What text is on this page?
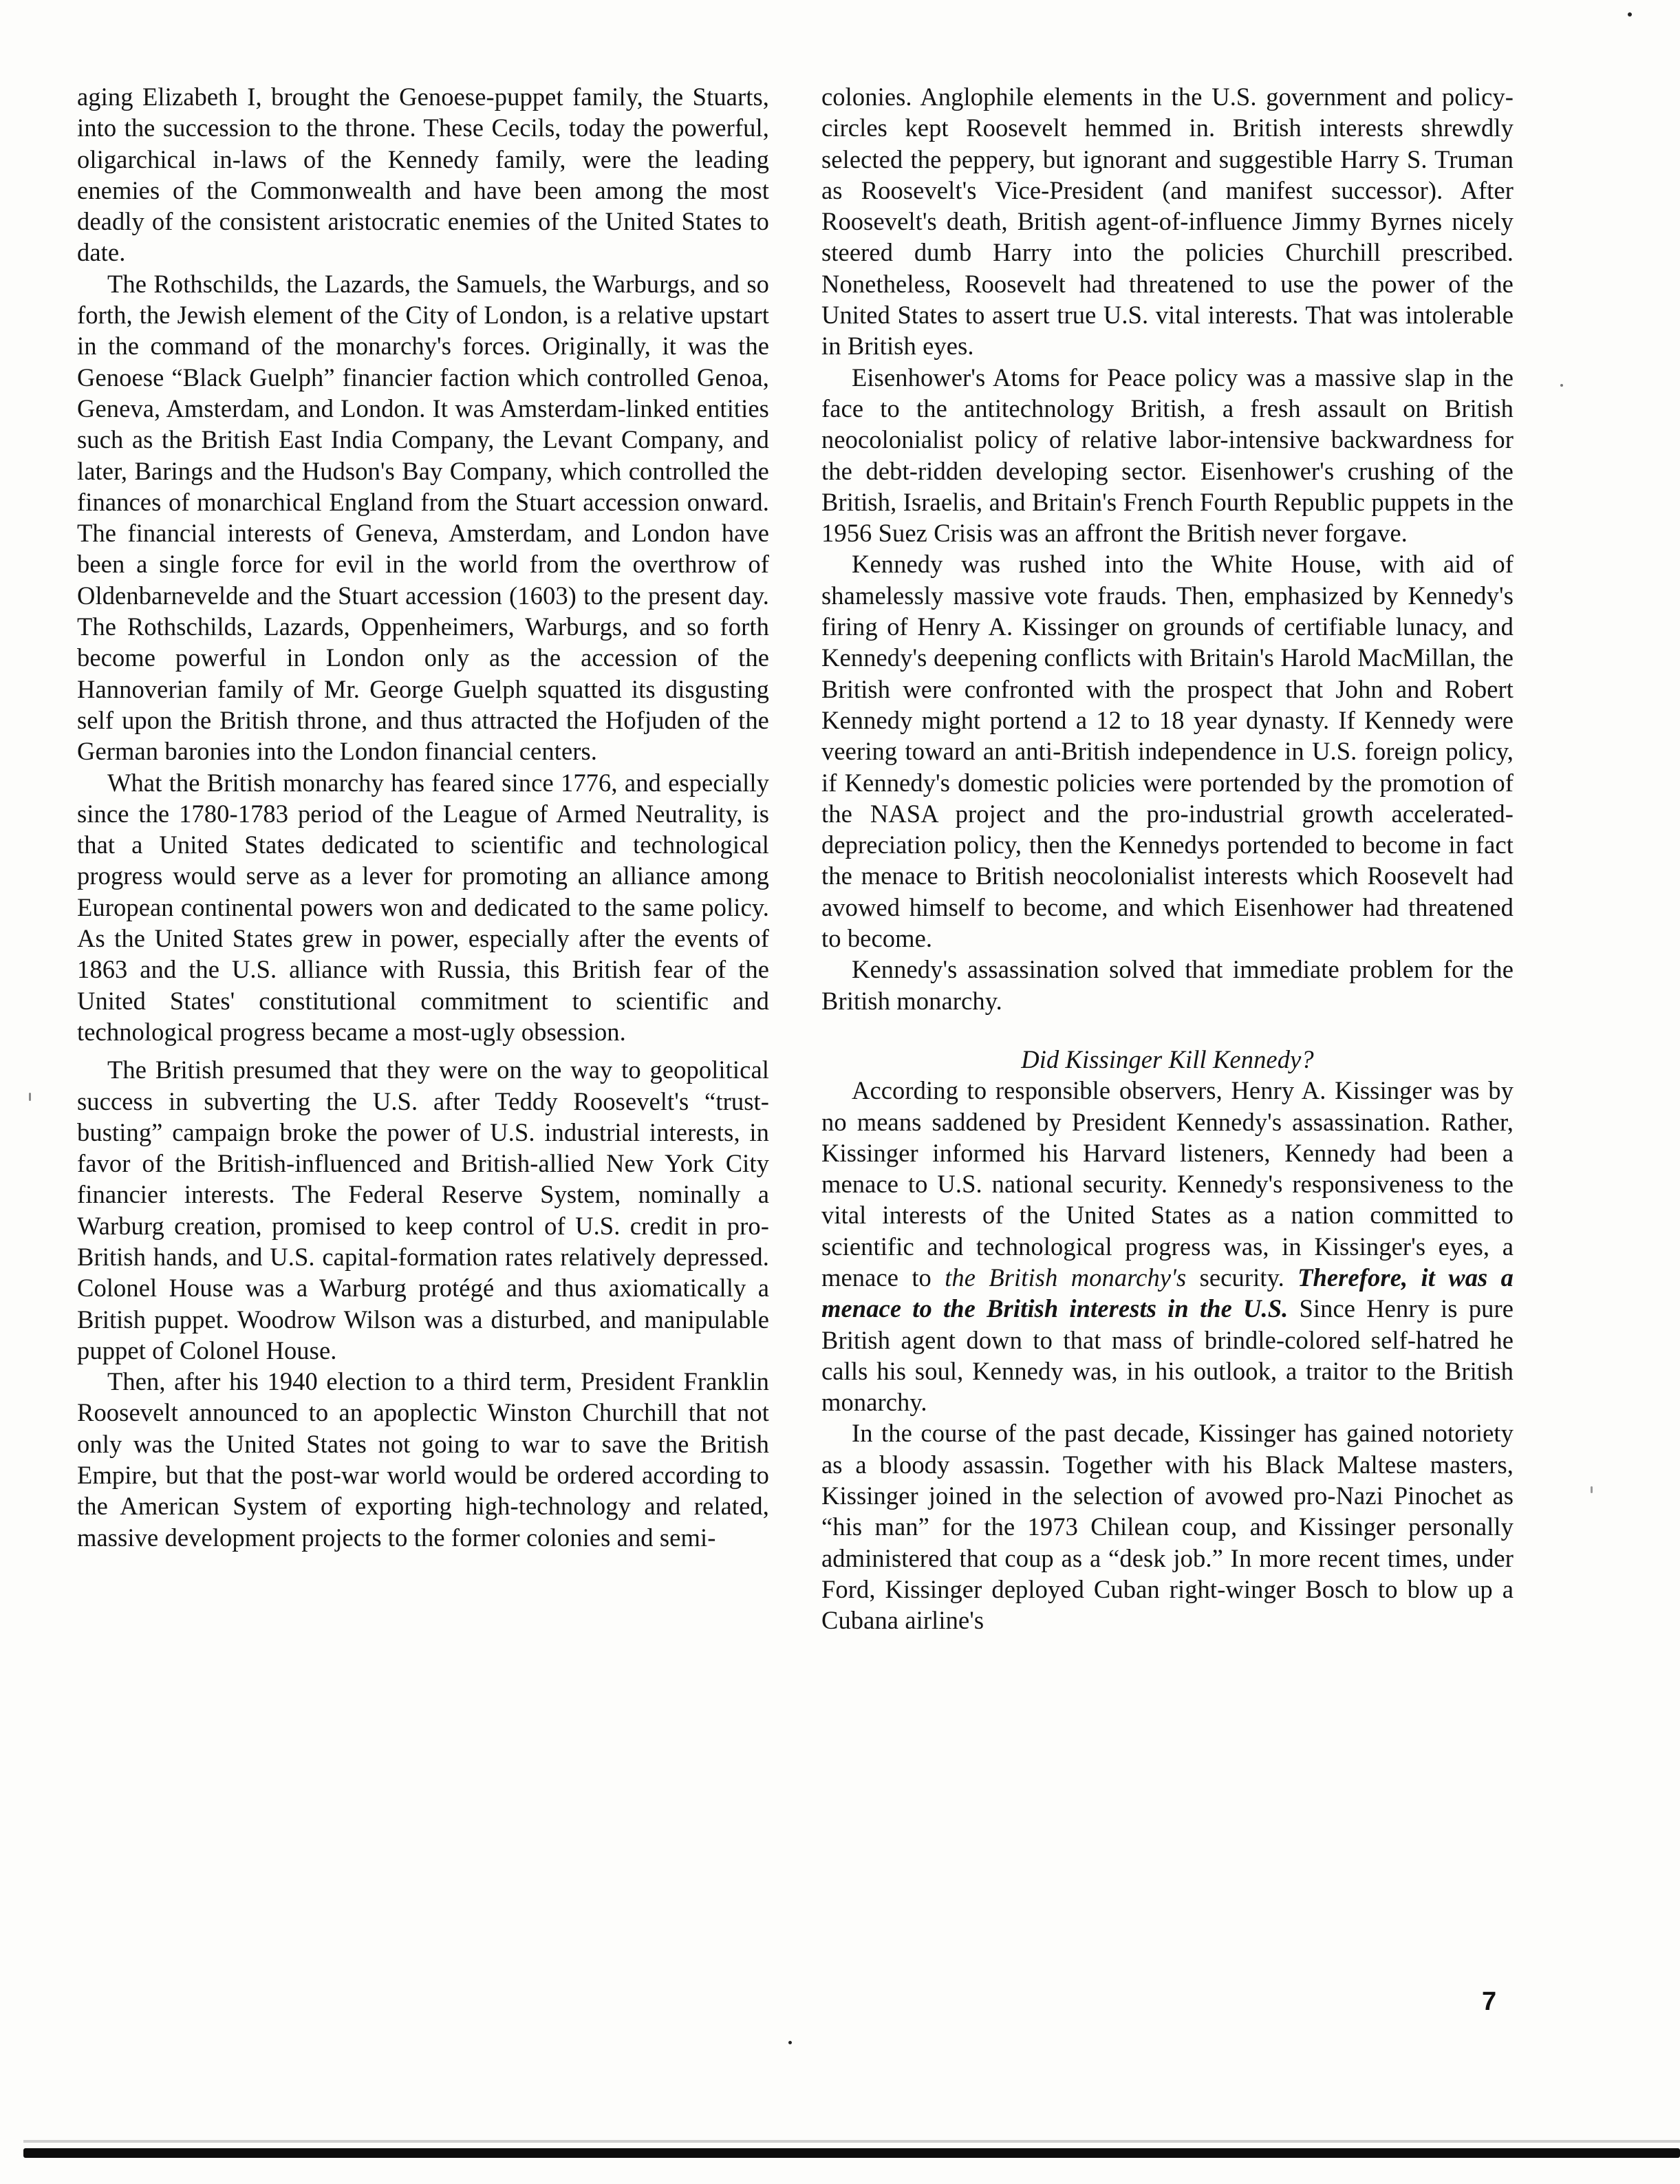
aging Elizabeth I, brought the Genoese-puppet family, the Stuarts, into the succession to the throne. These Cecils, today the powerful, oligarchical in-laws of the Kennedy family, were the leading enemies of the Commonwealth and have been among the most deadly of the consistent aristocratic enemies of the United States to date.

The Rothschilds, the Lazards, the Samuels, the Warburgs, and so forth, the Jewish element of the City of London, is a relative upstart in the command of the monarchy's forces. Originally, it was the Genoese “Black Guelph” financier faction which controlled Genoa, Geneva, Amsterdam, and London. It was Amsterdam-linked entities such as the British East India Company, the Levant Company, and later, Barings and the Hudson's Bay Company, which controlled the finances of monarchical England from the Stuart accession onward. The financial interests of Geneva, Amsterdam, and London have been a single force for evil in the world from the overthrow of Oldenbarnevelde and the Stuart accession (1603) to the present day. The Rothschilds, Lazards, Oppenheimers, Warburgs, and so forth become powerful in London only as the accession of the Hannoverian family of Mr. George Guelph squatted its disgusting self upon the British throne, and thus attracted the Hofjuden of the German baronies into the London financial centers.

What the British monarchy has feared since 1776, and especially since the 1780-1783 period of the League of Armed Neutrality, is that a United States dedicated to scientific and technological progress would serve as a lever for promoting an alliance among European continental powers won and dedicated to the same policy. As the United States grew in power, especially after the events of 1863 and the U.S. alliance with Russia, this British fear of the United States' constitutional commitment to scientific and technological progress became a most-ugly obsession.

The British presumed that they were on the way to geopolitical success in subverting the U.S. after Teddy Roosevelt's “trust-busting” campaign broke the power of U.S. industrial interests, in favor of the British-influenced and British-allied New York City financier interests. The Federal Reserve System, nominally a Warburg creation, promised to keep control of U.S. credit in pro-British hands, and U.S. capital-formation rates relatively depressed. Colonel House was a Warburg protégé and thus axiomatically a British puppet. Woodrow Wilson was a disturbed, and manipulable puppet of Colonel House.

Then, after his 1940 election to a third term, President Franklin Roosevelt announced to an apoplectic Winston Churchill that not only was the United States not going to war to save the British Empire, but that the post-war world would be ordered according to the American System of exporting high-technology and related, massive development projects to the former colonies and semi-

colonies. Anglophile elements in the U.S. government and policy-circles kept Roosevelt hemmed in. British interests shrewdly selected the peppery, but ignorant and suggestible Harry S. Truman as Roosevelt's Vice-President (and manifest successor). After Roosevelt's death, British agent-of-influence Jimmy Byrnes nicely steered dumb Harry into the policies Churchill prescribed. Nonetheless, Roosevelt had threatened to use the power of the United States to assert true U.S. vital interests. That was intolerable in British eyes.

Eisenhower's Atoms for Peace policy was a massive slap in the face to the antitechnology British, a fresh assault on British neocolonialist policy of relative labor-intensive backwardness for the debt-ridden developing sector. Eisenhower's crushing of the British, Israelis, and Britain's French Fourth Republic puppets in the 1956 Suez Crisis was an affront the British never forgave.

Kennedy was rushed into the White House, with aid of shamelessly massive vote frauds. Then, emphasized by Kennedy's firing of Henry A. Kissinger on grounds of certifiable lunacy, and Kennedy's deepening conflicts with Britain's Harold MacMillan, the British were confronted with the prospect that John and Robert Kennedy might portend a 12 to 18 year dynasty. If Kennedy were veering toward an anti-British independence in U.S. foreign policy, if Kennedy's domestic policies were portended by the promotion of the NASA project and the pro-industrial growth accelerated-depreciation policy, then the Kennedys portended to become in fact the menace to British neocolonialist interests which Roosevelt had avowed himself to become, and which Eisenhower had threatened to become.

Kennedy's assassination solved that immediate problem for the British monarchy.

Did Kissinger Kill Kennedy?

According to responsible observers, Henry A. Kissinger was by no means saddened by President Kennedy's assassination. Rather, Kissinger informed his Harvard listeners, Kennedy had been a menace to U.S. national security. Kennedy's responsiveness to the vital interests of the United States as a nation committed to scientific and technological progress was, in Kissinger's eyes, a menace to the British monarchy's security. Therefore, it was a menace to the British interests in the U.S. Since Henry is pure British agent down to that mass of brindle-colored self-hatred he calls his soul, Kennedy was, in his outlook, a traitor to the British monarchy.

In the course of the past decade, Kissinger has gained notoriety as a bloody assassin. Together with his Black Maltese masters, Kissinger joined in the selection of avowed pro-Nazi Pinochet as “his man” for the 1973 Chilean coup, and Kissinger personally administered that coup as a “desk job.” In more recent times, under Ford, Kissinger deployed Cuban right-winger Bosch to blow up a Cubana airline's

7
